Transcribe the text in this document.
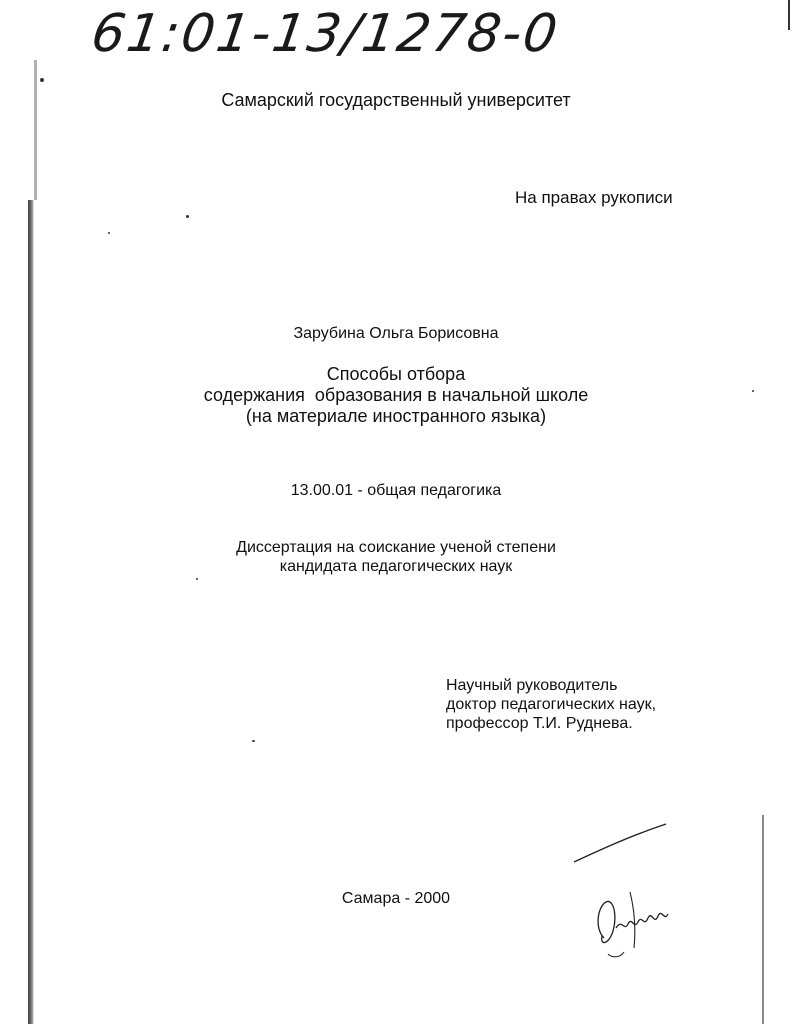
61:01-13/1278-0
Самарский государственный университет
На правах рукописи
Зарубина Ольга Борисовна
Способы отбора
содержания  образования в начальной школе
(на материале иностранного языка)
13.00.01 - общая педагогика
Диссертация на соискание ученой степени
кандидата педагогических наук
Научный руководитель
доктор педагогических наук,
профессор Т.И. Руднева.
Самара - 2000
